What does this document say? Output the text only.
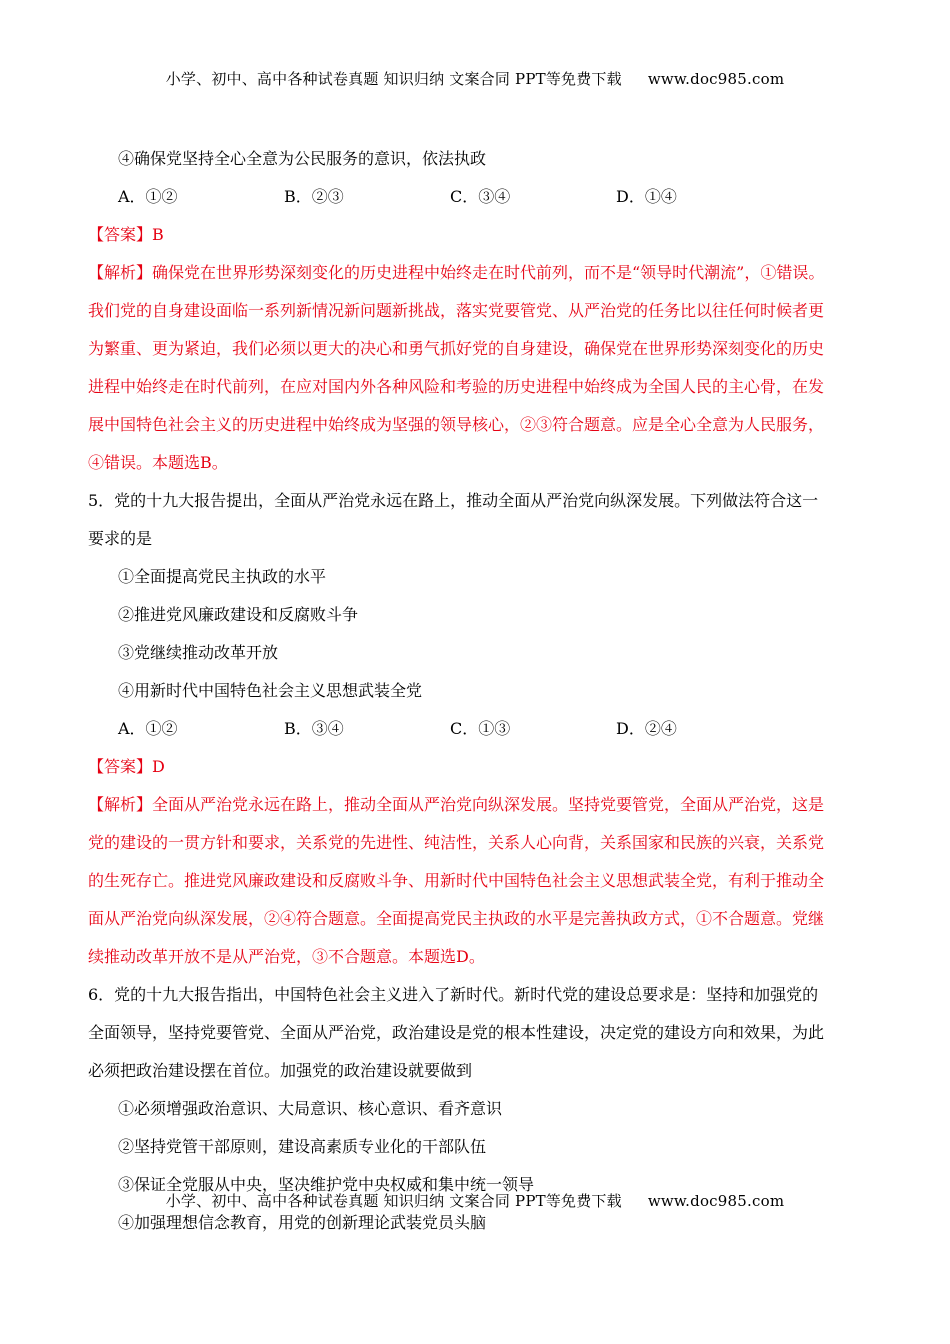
小学、初中、高中各种试卷真题 知识归纳 文案合同 PPT等免费下载 www.doc985.com
④确保党坚持全心全意为公民服务的意识，依法执政
A．①②	B．②③	C．③④	D．①④
【答案】B
【解析】确保党在世界形势深刻变化的历史进程中始终走在时代前列，而不是“领导时代潮流”，①错误。
我们党的自身建设面临一系列新情况新问题新挑战，落实党要管党、从严治党的任务比以往任何时候者更
为繁重、更为紧迫，我们必须以更大的决心和勇气抓好党的自身建设，确保党在世界形势深刻变化的历史
进程中始终走在时代前列，在应对国内外各种风险和考验的历史进程中始终成为全国人民的主心骨，在发
展中国特色社会主义的历史进程中始终成为坚强的领导核心，②③符合题意。应是全心全意为人民服务，
④错误。本题选B。
5．党的十九大报告提出，全面从严治党永远在路上，推动全面从严治党向纵深发展。下列做法符合这一
要求的是
①全面提高党民主执政的水平
②推进党风廉政建设和反腐败斗争
③党继续推动改革开放
④用新时代中国特色社会主义思想武装全党
A．①②	B．③④	C．①③	D．②④
【答案】D
【解析】全面从严治党永远在路上，推动全面从严治党向纵深发展。坚持党要管党，全面从严治党，这是
党的建设的一贯方针和要求，关系党的先进性、纯洁性，关系人心向背，关系国家和民族的兴衰，关系党
的生死存亡。推进党风廉政建设和反腐败斗争、用新时代中国特色社会主义思想武装全党，有利于推动全
面从严治党向纵深发展，②④符合题意。全面提高党民主执政的水平是完善执政方式，①不合题意。党继
续推动改革开放不是从严治党，③不合题意。本题选D。
6．党的十九大报告指出，中国特色社会主义进入了新时代。新时代党的建设总要求是：坚持和加强党的
全面领导，坚持党要管党、全面从严治党，政治建设是党的根本性建设，决定党的建设方向和效果，为此
必须把政治建设摆在首位。加强党的政治建设就要做到
①必须增强政治意识、大局意识、核心意识、看齐意识
②坚持党管干部原则，建设高素质专业化的干部队伍
③保证全党服从中央，坚决维护党中央权威和集中统一领导
④加强理想信念教育，用党的创新理论武装党员头脑
小学、初中、高中各种试卷真题 知识归纳 文案合同 PPT等免费下载 www.doc985.com
